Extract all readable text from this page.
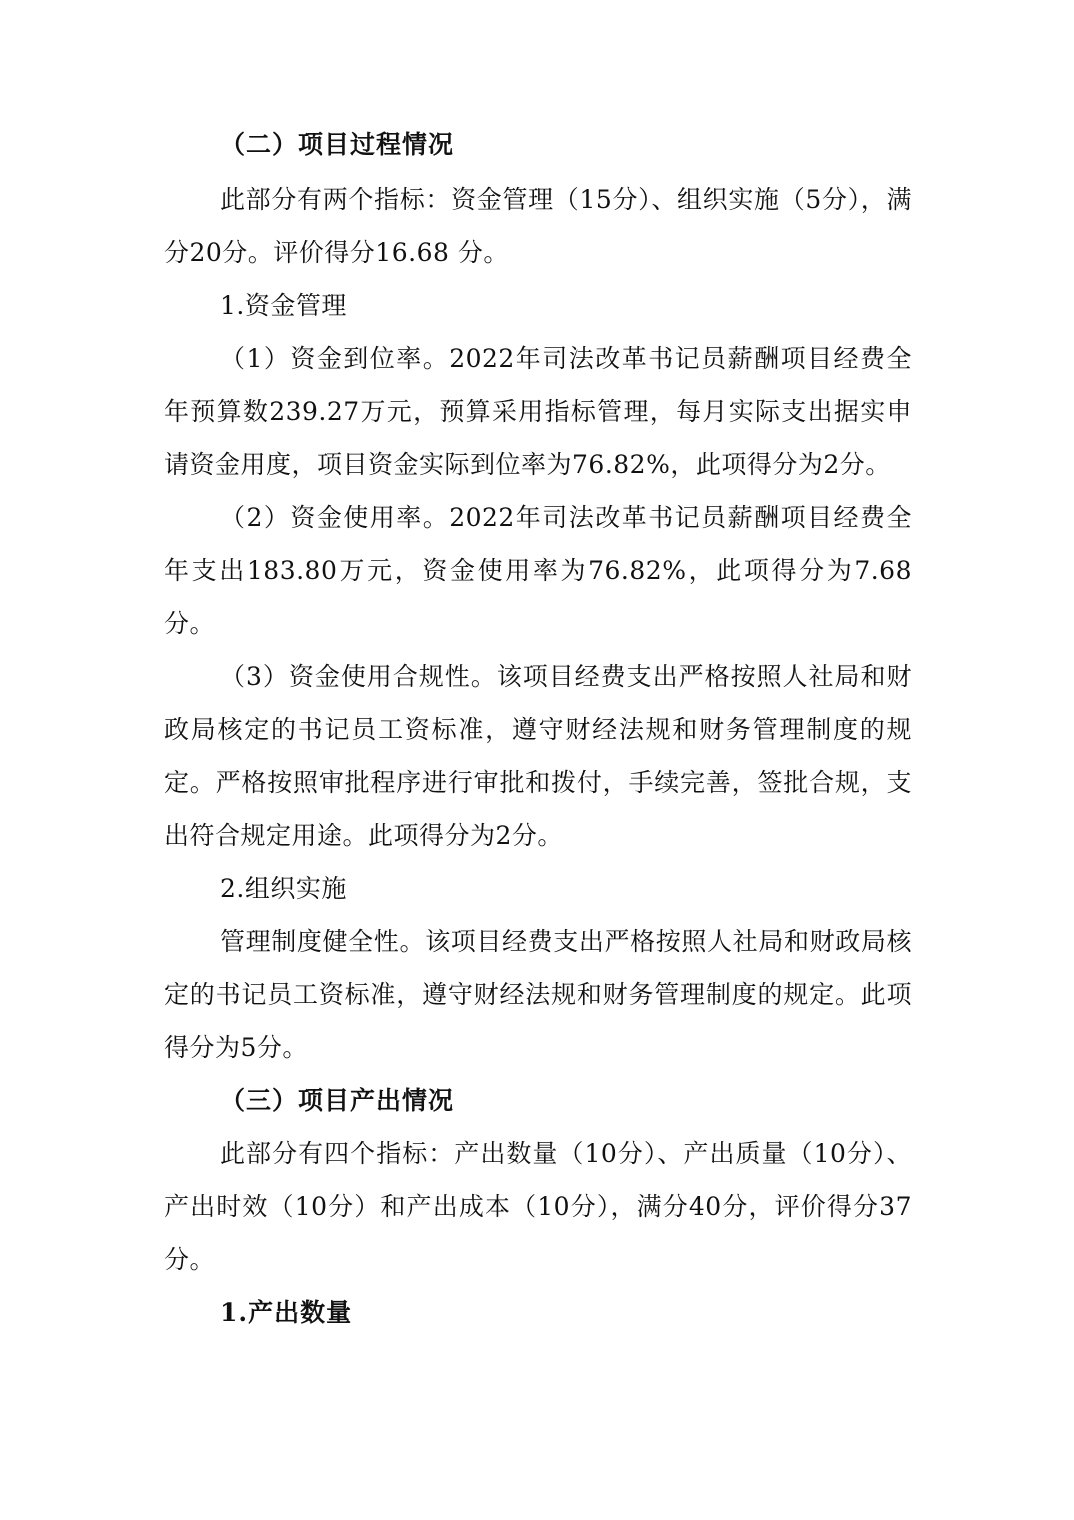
（二）项目过程情况

此部分有两个指标：资金管理（15分）、组织实施（5分），满分20分。评价得分16.68 分。

1.资金管理

（1）资金到位率。2022年司法改革书记员薪酬项目经费全年预算数239.27万元，预算采用指标管理，每月实际支出据实申请资金用度，项目资金实际到位率为76.82%，此项得分为2分。

（2）资金使用率。2022年司法改革书记员薪酬项目经费全年支出183.80万元，资金使用率为76.82%，此项得分为7.68分。

（3）资金使用合规性。该项目经费支出严格按照人社局和财政局核定的书记员工资标准，遵守财经法规和财务管理制度的规定。严格按照审批程序进行审批和拨付，手续完善，签批合规，支出符合规定用途。此项得分为2分。

2.组织实施

管理制度健全性。该项目经费支出严格按照人社局和财政局核定的书记员工资标准，遵守财经法规和财务管理制度的规定。此项得分为5分。

（三）项目产出情况

此部分有四个指标：产出数量（10分）、产出质量（10分）、产出时效（10分）和产出成本（10分），满分40分，评价得分37分。

1.产出数量
